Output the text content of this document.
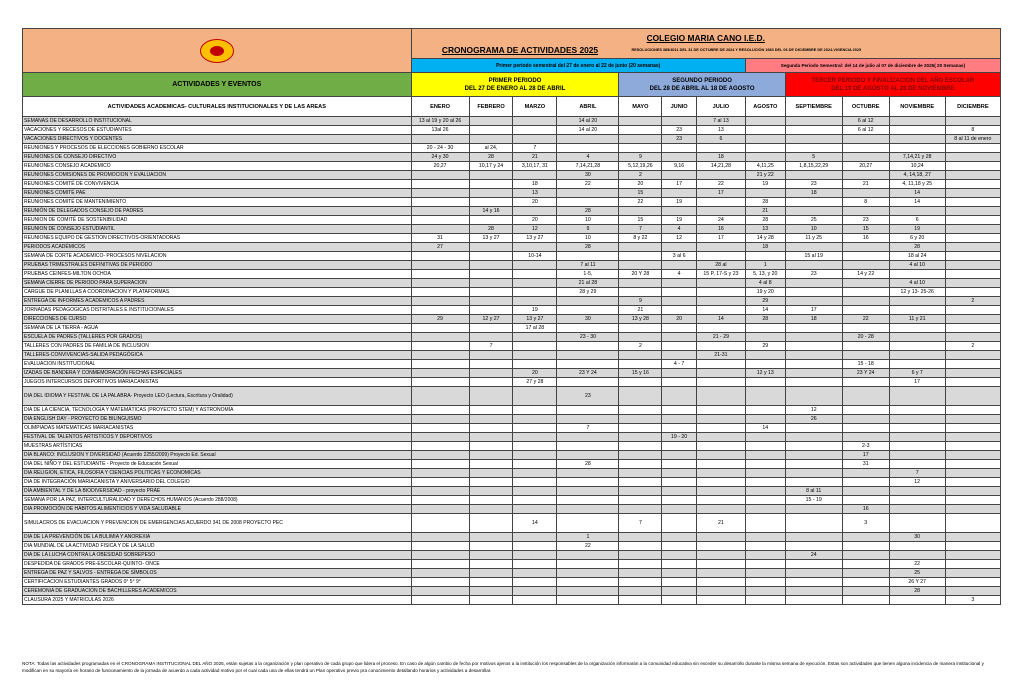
	COLEGIO MARIA CANO I.E.D.
CRONOGRAMA DE ACTIVIDADES 2025 RESOLUCIONES 385/4011 DEL 31 DE OCTUBRE DE 2024 Y RESOLUCIÓN 1983 DEL 06 DE DICIEMBRE DE 2024-VIGENCIA 2025											

	Primer periodo semestral del 27 de enero al 22 de junio (20 semanas)							Segunda Periodo Semestral: del 14 de julio al 07 de diciembre de 2025( 20 Semanas)				
ACTIVIDADES Y EVENTOS	PRIMER PERIODO
DEL 27 DE ENERO AL 28 DE ABRIL				SEGUNDO PERIODO
DEL 28 DE ABRIL AL 18 DE AGOSTO				TERCER PERIODO Y FINALIZACION DEL AÑO ESCOLAR
DEL 19 DE AGOSTO AL 28 DE NOVIEMBRE			
ACTIVIDADES ACADEMICAS- CULTURALES INSTITUCIONALES Y DE LAS AREAS	ENERO	FEBRERO	MARZO	ABRIL	MAYO	JUNIO	JULIO	AGOSTO	SEPTIEMBRE	OCTUBRE	NOVIEMBRE	DICIEMBRE
SEMANAS DE DESARROLLO INSTITUCIONAL	13 al 19 y 20 al 26			14 al 20			7 al 13			6 al 12		
VACACIONES Y RECESOS DE ESTUDIANTES	13al 26			14 al 20		23	13			6 al 12		8
VACACIONES DIRECTIVOS Y DOCENTES						23	6					8 al 11 de enero
REUNIONES Y PROCESOS DE ELECCIONES GOBIERNO ESCOLAR	20 - 24 - 30	al 24,	7									
REUNIONES DE CONSEJO DIRECTIVO	24 y 30	28	21	4	9		18		5		7,14,21 y 28	
REUNIONES CONSEJO ACADEMICO	20,27	10,17 y 24	3,10,17, 31	7,14,21,28	5,12,19,26	9,16	14,21,28	4,11,25	1,8,15,22,29	20,27	10,24	
REUNIONES COMISIONES DE PROMOCION Y EVALUACION				30	2			21 y 22			4, 14,18, 27	
REUNIONES COMITÉ DE CONVIVENCIA			18	22	20	17	22	19	23	21	4, 11,18 y 25	
REUNIONES COMITÉ PAE			13		15		17		18		14	
REUNIONES COMITÉ DE MANTENIMIENTO			20		22	19		28		8	14	
REUNIÓN DE DELEGADOS CONSEJO DE PADRES		14 y 16		28				21				
REUNION DE COMITÉ DE SOSTENIBILIDAD			20	10	15	19	24	28	25	23	6	
REUNION DE CONSEJO ESTUDIANTIL		28	12	9	7	4	16	13	10	15	19	
REUNIONES EQUIPO DE GESTION DIRECTIVOS-ORIENTADORAS	31	13 y 27	13 y 27	10	8 y 22	12	17	14 y 28	11 y 25	16	6 y 20	
PERIODOS ACADÉMICOS	27			28				18			28	
SEMANA DE CORTE ACADEMICO- PROCESOS NIVELACION			10-14			3 al 6			15 al 19		18 al 24	
PRUEBAS TRIMESTRALES DEFINITIVAS DE PERIODO				7 al 11			28 al	1			4 al 10	
PRUEBAS CEINFES-MILTON OCHOA				1-5,	20 Y 28	4	15 P, 17-S y 23	5, 13, y 20	23	14 y 22		
SEMANA CIERRE DE PERIODO PARA SUPERACION				21 al 28				4 al 8			4 al 10	
CARGUE DE PLANILLAS A COORDINACION Y PLATAFORMAS				28 y 29				19 y 20			12 y 13- 25-26	
ENTREGA DE INFORMES ACADEMICOS A PADRES					9			29				2
JORNADAS PEDAGOGICAS DISTRITALES E INSTITUCIONALES			19		21			14	17			
DIRECCIONES DE CURSO	29	12 y 27	13 y 27	30	13 y 28	20	14	28	18	22	11 y 21	
SEMANA DE LA TIERRA - AGUA			17 al 28									
ESCUELA DE PADRES (TALLERES POR GRADOS)				23 - 30			21 - 29			20 - 28		
TALLERES CON PADRES DE FAMILIA DE INCLUSION		7			2			29				2
TALLERES-CONVIVENCIAS-SALIDA PEDAGÓGICA							21-31					
EVALUACION INSTITUCIONAL						4 - 7				15 - 18		
IZADAS DE BANDERA Y CONMEMORACIÓN FECHAS ESPECIALES			20	23 Y 24	15 y 16			12 y 13		23 Y 24	6 y 7	
JUEGOS INTERCURSOS DEPORTIVOS MARIACANISTAS			27 y 28								17	
DIA DEL IDIOMA Y FESTIVAL DE LA PALABRA- Proyecto LEO (Lectura, Escritura y Oralidad)				23								
DIA DE LA CIENCIA, TECNOLOGÍA Y MATEMÁTICAS (PROYECTO STEM) Y ASTRONOMÍA									12			
DIA ENGLISH DAY - PROYECTO DE BILINGUISMO									26			
OLIMPIADAS MATEMATICAS MARIACANISTAS				7				14				
FESTIVAL DE TALENTOS ARTISTICOS Y DEPORTIVOS						19 - 20						
MUESTRAS ARTÍSTICAS										2-3		
DIA BLANCO: INCLUSION Y DIVERSIDAD (Acuerdo 2255/2009) Proyecto Ed. Sexual										17		
DIA DEL NIÑO Y DEL ESTUDIANTE - Proyecto de Educación Sexual				28						31		
DIA RELIGION, ETICA, FILOSOFIA Y CIENCIAS POLITICAS Y ECONOMICAS											7	
DIA DE INTEGRACIÓN MARIACANISTA Y ANIVERSARIO DEL COLEGIO											12	
DÍA AMBIENTAL Y DE LA BIODIVERSIDAD - proyecto PRAE									8 al 11			
SEMANA POR LA PAZ, INTERCULTURALIDAD Y DERECHOS HUMANOS (Acuerdo 288/2008)									15 - 19			
DIA PROMOCIÓN DE HÁBITOS ALIMENTICIOS Y VIDA SALUDABLE										16		
SIMULACROS DE EVACUACION Y PREVENCION DE EMERGENCIAS ACUERDO 341 DE 2008 PROYECTO PEC			14		7		21			3		
DIA DE LA PREVENCIÓN DE LA BULIMIA Y ANOREXIA				1							30	
DIA MUNDIAL DE LA ACTIVIDAD FISICA Y DE LA SALUD				22								
DIA DE LA LUCHA CONTRA LA OBESIDAD SOBREPESO									24			
DESPEDIDA DE GRADOS PRE-ESCOLAR-QUINTO- ONCE											22	
ENTREGA DE PAZ Y SALVOS - ENTREGA DE SÍMBOLOS											25	
CERTIFICACION ESTUDIANTES GRADOS 0° 5° 9°											26 Y 27	
CEREMONIA DE GRADUACION DE BACHILLERES ACADEMICOS											28	
CLAUSURA 2025 Y MATRICULAS 2026												3
NOTA: Todas las actividades programadas en el CRONOGRAMA INSTITUCIONAL DEL AÑO 2025, están sujetas a la organización y plan operativo de cada grupo que lidera el proceso. En caso de algún cambio de fecha por motivos ajenos a la institución los responsables de la organización informarán a la comunidad educativa sin exceder su desarrollo durante la misma semana de ejecución. Estas son actividades que tienen alguna incidencia de manera institucional y modifican en su mayoría en horario de funcionamiento de la jornada de acuerdo a cada actividad motivo por el cual cada una de ellas tendrá un Plan operativo previo pra conocimiento detallando horarios y actividades a desarrollar.
